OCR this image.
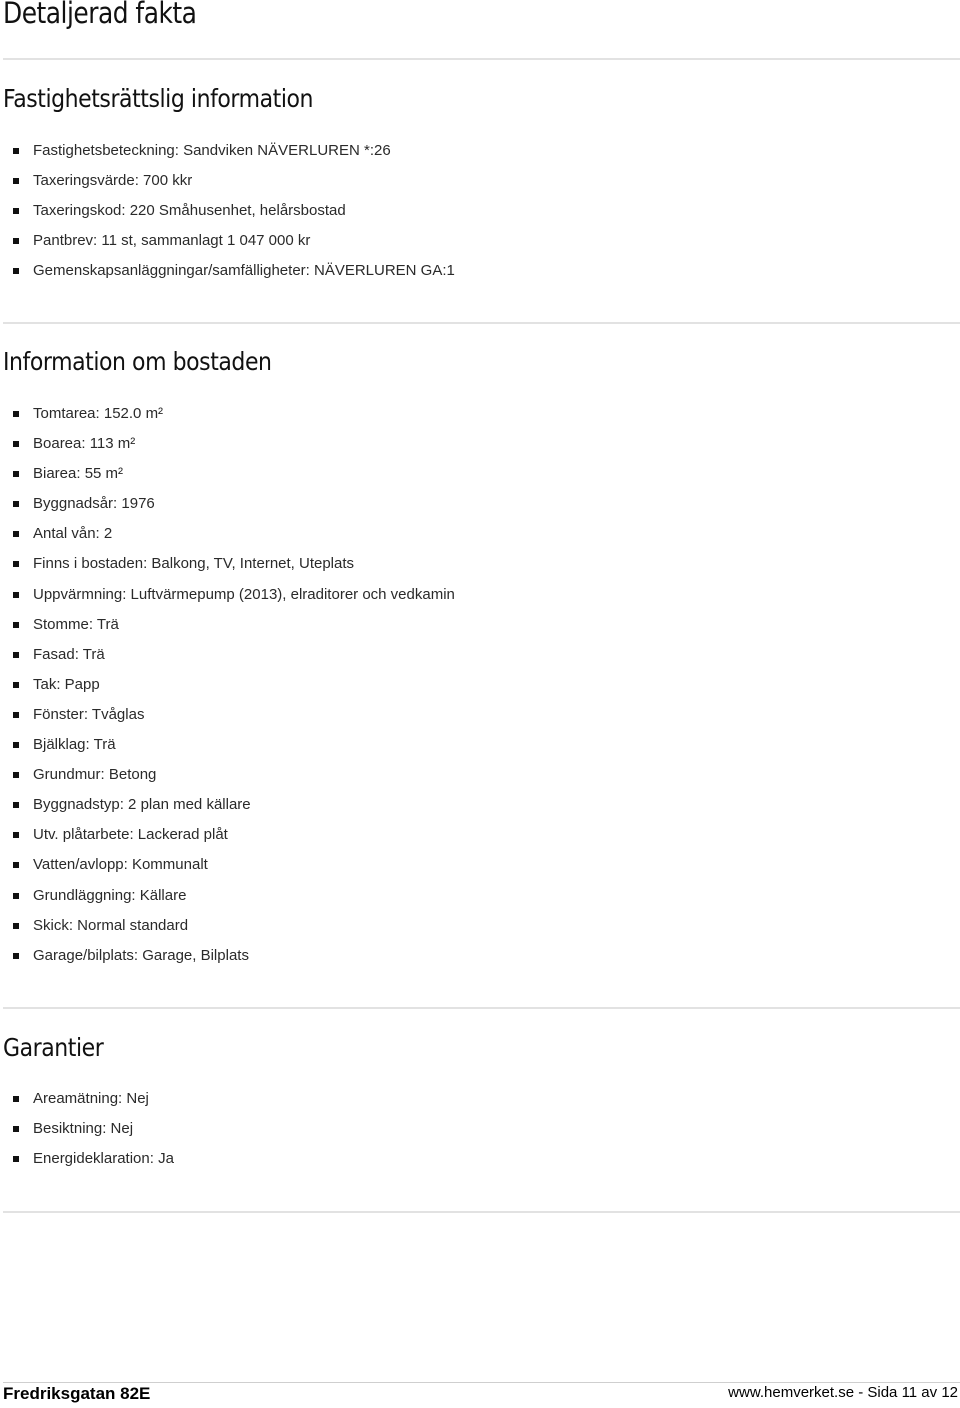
Detaljerad fakta
Fastighetsrättslig information
Fastighetsbeteckning: Sandviken NÄVERLUREN *:26
Taxeringsvärde: 700 kkr
Taxeringskod: 220 Småhusenhet, helårsbostad
Pantbrev: 11 st, sammanlagt 1 047 000 kr
Gemenskapsanläggningar/samfälligheter: NÄVERLUREN GA:1
Information om bostaden
Tomtarea: 152.0 m²
Boarea: 113 m²
Biarea: 55 m²
Byggnadsår: 1976
Antal vån: 2
Finns i bostaden: Balkong, TV, Internet, Uteplats
Uppvärmning: Luftvärmepump (2013), elraditorer och vedkamin
Stomme: Trä
Fasad: Trä
Tak: Papp
Fönster: Tvåglas
Bjälklag: Trä
Grundmur: Betong
Byggnadstyp: 2 plan med källare
Utv. plåtarbete: Lackerad plåt
Vatten/avlopp: Kommunalt
Grundläggning: Källare
Skick: Normal standard
Garage/bilplats: Garage, Bilplats
Garantier
Areamätning: Nej
Besiktning: Nej
Energideklaration: Ja
Fredriksgatan 82E	www.hemverket.se - Sida 11 av 12
